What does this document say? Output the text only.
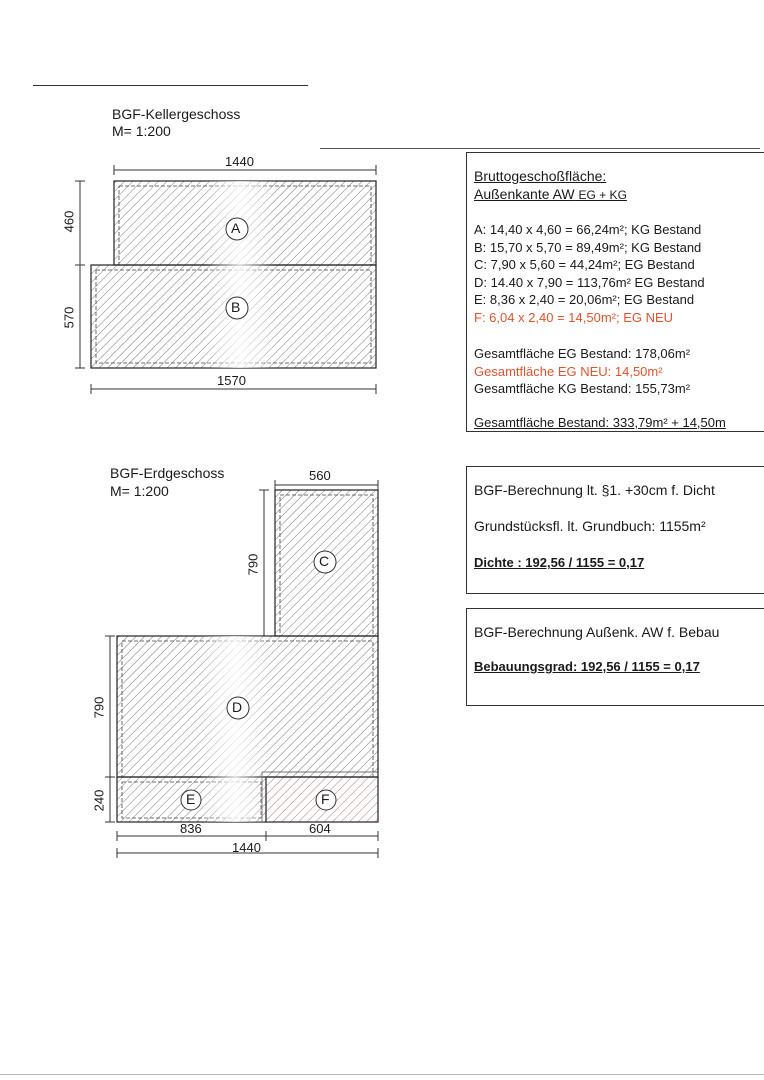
BGF-Kellergeschoss
M= 1:200
BGF-Erdgeschoss
M= 1:200
A
B
C
D
E	F
1440
1570
460
570
560
790
790
240
836	604
1440
Bruttogeschoßfläche:
Außenkante AW EG + KG
A: 14,40 x 4,60 = 66,24m²; KG Bestand
B: 15,70 x 5,70 = 89,49m²; KG Bestand
C: 7,90 x 5,60 = 44,24m²; EG Bestand
D: 14.40 x 7,90 = 113,76m² EG Bestand
E: 8,36 x 2,40 = 20,06m²; EG Bestand
F: 6,04 x 2,40 = 14,50m²; EG NEU
Gesamtfläche EG Bestand: 178,06m²
Gesamtfläche EG NEU: 14,50m²
Gesamtfläche KG Bestand: 155,73m²
Gesamtfläche Bestand: 333,79m² + 14,50m
BGF-Berechnung lt. §1. +30cm f. Dicht
Grundstücksfl. lt. Grundbuch: 1155m²
Dichte : 192,56 / 1155 = 0,17
BGF-Berechnung Außenk. AW f. Bebau
Bebauungsgrad: 192,56 / 1155 = 0,17
